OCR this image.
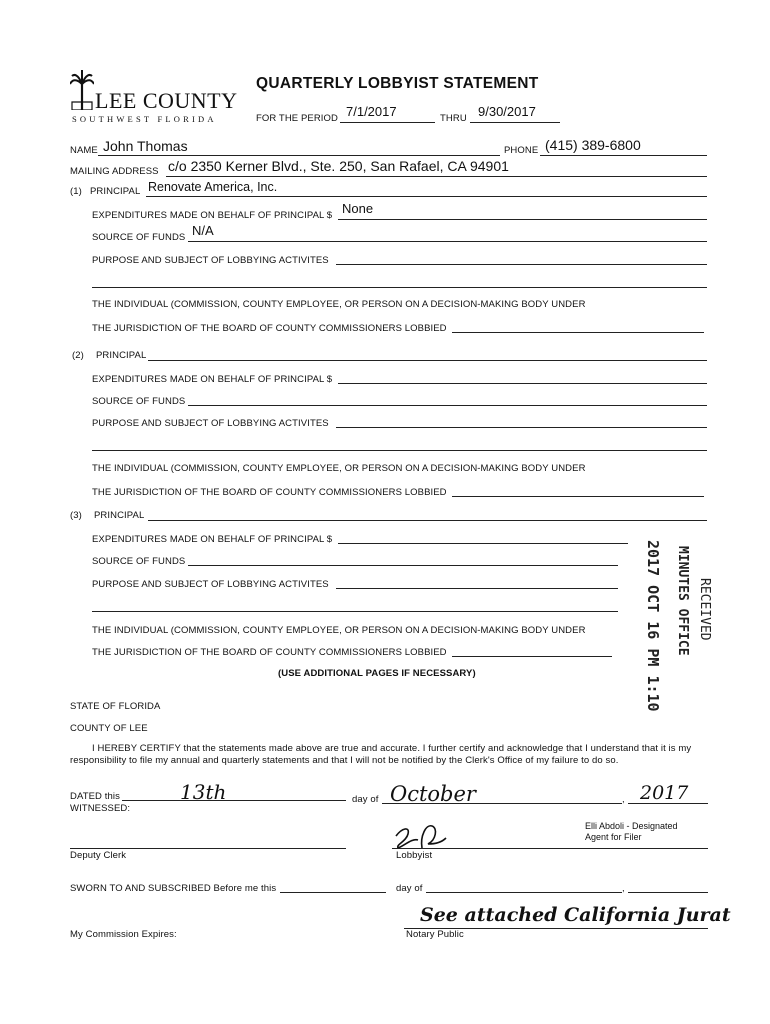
LEE COUNTY
SOUTHWEST FLORIDA
QUARTERLY LOBBYIST STATEMENT
FOR THE PERIOD 7/1/2017	THRU 9/30/2017
NAME John Thomas	PHONE (415) 389-6800
MAILING ADDRESS c/o 2350 Kerner Blvd., Ste. 250, San Rafael, CA 94901
(1) PRINCIPAL Renovate America, Inc.
EXPENDITURES MADE ON BEHALF OF PRINCIPAL $ None
SOURCE OF FUNDS N/A
PURPOSE AND SUBJECT OF LOBBYING ACTIVITES
THE INDIVIDUAL (COMMISSION, COUNTY EMPLOYEE, OR PERSON ON A DECISION-MAKING BODY UNDER
THE JURISDICTION OF THE BOARD OF COUNTY COMMISSIONERS LOBBIED
(2) PRINCIPAL
EXPENDITURES MADE ON BEHALF OF PRINCIPAL $
SOURCE OF FUNDS
PURPOSE AND SUBJECT OF LOBBYING ACTIVITES
THE INDIVIDUAL (COMMISSION, COUNTY EMPLOYEE, OR PERSON ON A DECISION-MAKING BODY UNDER
THE JURISDICTION OF THE BOARD OF COUNTY COMMISSIONERS LOBBIED
(3) PRINCIPAL
EXPENDITURES MADE ON BEHALF OF PRINCIPAL $
SOURCE OF FUNDS
PURPOSE AND SUBJECT OF LOBBYING ACTIVITES
THE INDIVIDUAL (COMMISSION, COUNTY EMPLOYEE, OR PERSON ON A DECISION-MAKING BODY UNDER
THE JURISDICTION OF THE BOARD OF COUNTY COMMISSIONERS LOBBIED
(USE ADDITIONAL PAGES IF NECESSARY)	2017 OCT 16 PM 1:10 MINUTES OFFICE RECEIVED
STATE OF FLORIDA
COUNTY OF LEE
I HEREBY CERTIFY that the statements made above are true and accurate. I further certify and acknowledge that I understand that it is my responsibility to file my annual and quarterly statements and that I will not be notified by the Clerk's Office of my failure to do so.
DATED this	13th	day of October	, 2017
WITNESSED:
Elli Abdoli - Designated
Agent for Filer
Deputy Clerk	Lobbyist
SWORN TO AND SUBSCRIBED Before me this	day of	,
My Commission Expires:
See attached California Jurat
Notary Public
